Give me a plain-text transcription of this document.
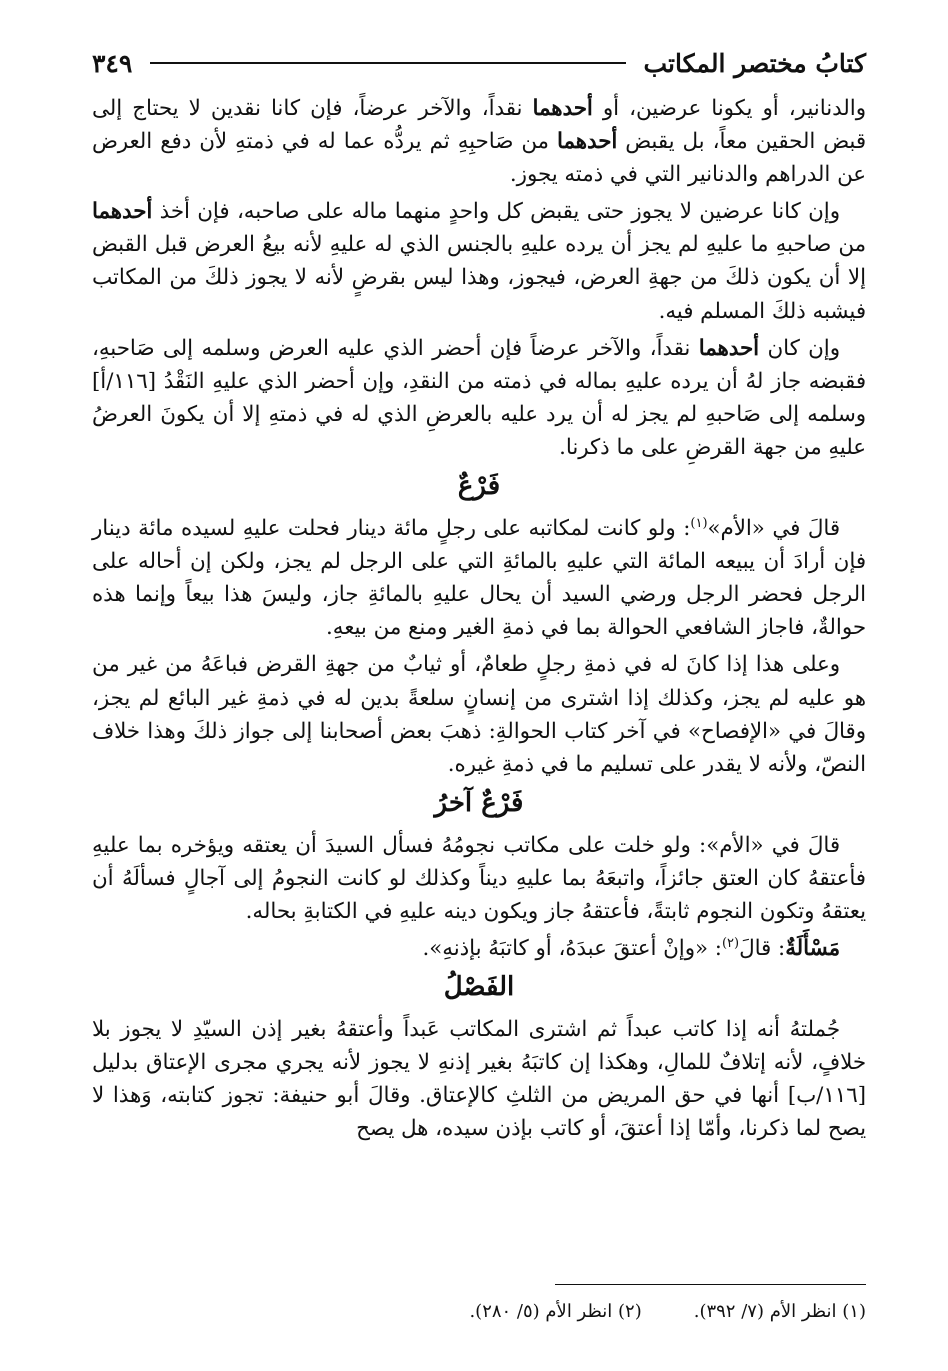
كتابُ مختصر المكاتب
٣٤٩

والدنانير، أو يكونا عرضين، أو أحدهما نقداً، والآخر عرضاً، فإن كانا نقدين لا يحتاج إلى قبض الحقين معاً، بل يقبض أحدهما من صَاحبِهِ ثم يردُّه عما له في ذمتهِ لأن دفع العرض عن الدراهم والدنانير التي في ذمته يجوز.

وإن كانا عرضين لا يجوز حتى يقبض كل واحدٍ منهما ماله على صاحبه، فإن أخذ أحدهما من صاحبهِ ما عليهِ لم يجز أن يرده عليهِ بالجنس الذي له عليهِ لأنه بيعُ العرض قبل القبض إلا أن يكون ذلكَ من جهةِ العرض، فيجوز، وهذا ليس بقرضٍ لأنه لا يجوز ذلكَ من المكاتب فيشبه ذلكَ المسلم فيه.

وإن كان أحدهما نقداً، والآخر عرضاً فإن أحضر الذي عليه العرض وسلمه إلى صَاحبهِ، فقبضه جاز لهُ أن يرده عليهِ بماله في ذمته من النقدِ، وإن أحضر الذي عليهِ النَقْدُ [١١٦/أ] وسلمه إلى صَاحبهِ لم يجز له أن يرد عليه بالعرضِ الذي له في ذمتهِ إلا أن يكونَ العرضُ عليهِ من جهة القرضِ على ما ذكرنا.

فَرْعٌ

قالَ في «الأم»$^{(١)}$: ولو كانت لمكاتبه على رجلٍ مائة دينار فحلت عليهِ لسيده مائة دينار فإن أرادَ أن يبيعه المائة التي عليهِ بالمائةِ التي على الرجل لم يجز، ولكن إن أحاله على الرجل فحضر الرجل ورضي السيد أن يحال عليهِ بالمائةِ جاز، وليسَ هذا بيعاً وإنما هذه حوالةٌ، فاجاز الشافعي الحوالة بما في ذمةِ الغير ومنع من بيعهِ.

وعلى هذا إذا كانَ له في ذمةِ رجلٍ طعامٌ، أو ثيابٌ من جهةِ القرض فباعَهُ من غير من هو عليه لم يجز، وكذلك إذا اشترى من إنسانٍ سلعةً بدين له في ذمةِ غير البائع لم يجز، وقالَ في «الإفصاح» في آخر كتاب الحوالةِ: ذهبَ بعض أصحابنا إلى جواز ذلكَ وهذا خلاف النصّ، ولأنه لا يقدر على تسليم ما في ذمةِ غيره.

فَرْعٌ آخرُ

قالَ في «الأم»: ولو خلت على مكاتب نجومُهُ فسأل السيدَ أن يعتقه ويؤخره بما عليهِ فأعتقهُ كان العتق جائزاً، واتبعَهُ بما عليهِ ديناً وكذلك لو كانت النجومُ إلى آجالٍ فسألَهُ أن يعتقهُ وتكون النجوم ثابتةً، فأعتقهُ جاز ويكون دينه عليهِ في الكتابةِ بحاله.

مَسْأَلَةٌ: قالَ$^{(٢)}$: «وإنْ أعتقَ عبدَهُ، أو كاتبَهُ بإذنهِ».

الفَصْلُ

جُملتهُ أنه إذا كاتب عبداً ثم اشترى المكاتب عَبداً وأعتقهُ بغير إذن السيّدِ لا يجوز بلا خلافٍ، لأنه إتلافٌ للمالِ، وهكذا إن كاتبَهُ بغير إذنهِ لا يجوز لأنه يجري مجرى الإعتاق بدليل [١١٦/ب] أنها في حق المريض من الثلثِ كالإعتاق. وقالَ أبو حنيفة: تجوز كتابته، وَهذا لا يصح لما ذكرنا، وأمّا إذا أعتقَ، أو كاتب بإذن سيده، هل يصح

(١) انظر الأم (٧/ ٣٩٢).
(٢) انظر الأم (٥/ ٢٨٠).
